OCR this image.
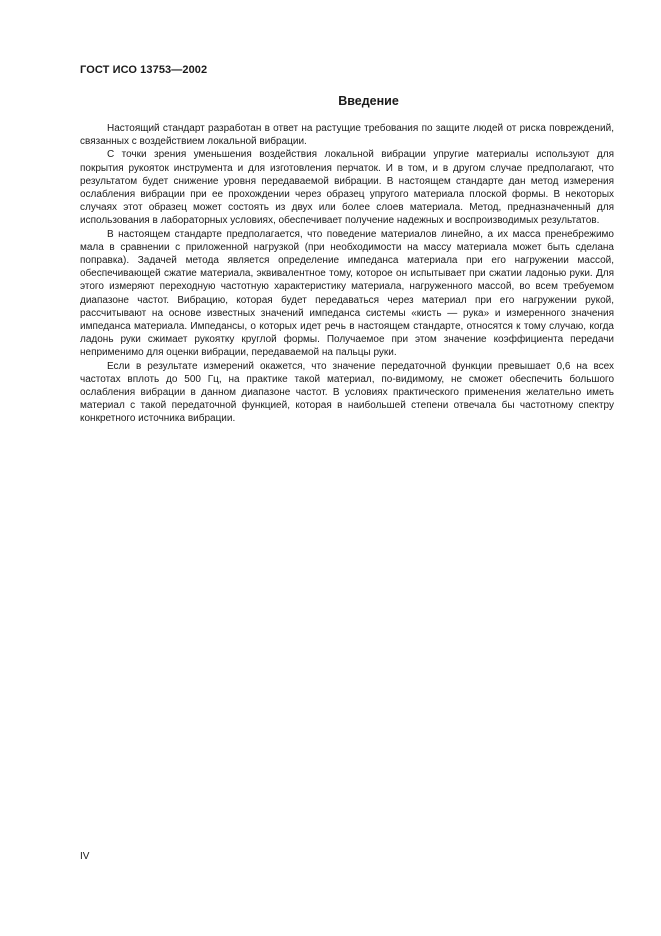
ГОСТ ИСО 13753—2002
Введение

Настоящий стандарт разработан в ответ на растущие требования по защите людей от риска повреждений, связанных с воздействием локальной вибрации.

С точки зрения уменьшения воздействия локальной вибрации упругие материалы используют для покрытия рукояток инструмента и для изготовления перчаток. И в том, и в другом случае предполагают, что результатом будет снижение уровня передаваемой вибрации. В настоящем стандарте дан метод измерения ослабления вибрации при ее прохождении через образец упругого материала плоской формы. В некоторых случаях этот образец может состоять из двух или более слоев материала. Метод, предназначенный для использования в лабораторных условиях, обеспечивает получение надежных и воспроизводимых результатов.

В настоящем стандарте предполагается, что поведение материалов линейно, а их масса пренебрежимо мала в сравнении с приложенной нагрузкой (при необходимости на массу материала может быть сделана поправка). Задачей метода является определение импеданса материала при его нагружении массой, обеспечивающей сжатие материала, эквивалентное тому, которое он испытывает при сжатии ладонью руки. Для этого измеряют переходную частотную характеристику материала, нагруженного массой, во всем требуемом диапазоне частот. Вибрацию, которая будет передаваться через материал при его нагружении рукой, рассчитывают на основе известных значений импеданса системы «кисть — рука» и измеренного значения импеданса материала. Импедансы, о которых идет речь в настоящем стандарте, относятся к тому случаю, когда ладонь руки сжимает рукоятку круглой формы. Получаемое при этом значение коэффициента передачи неприменимо для оценки вибрации, передаваемой на пальцы руки.

Если в результате измерений окажется, что значение передаточной функции превышает 0,6 на всех частотах вплоть до 500 Гц, на практике такой материал, по-видимому, не сможет обеспечить большого ослабления вибрации в данном диапазоне частот. В условиях практического применения желательно иметь материал с такой передаточной функцией, которая в наибольшей степени отвечала бы частотному спектру конкретного источника вибрации.

IV
